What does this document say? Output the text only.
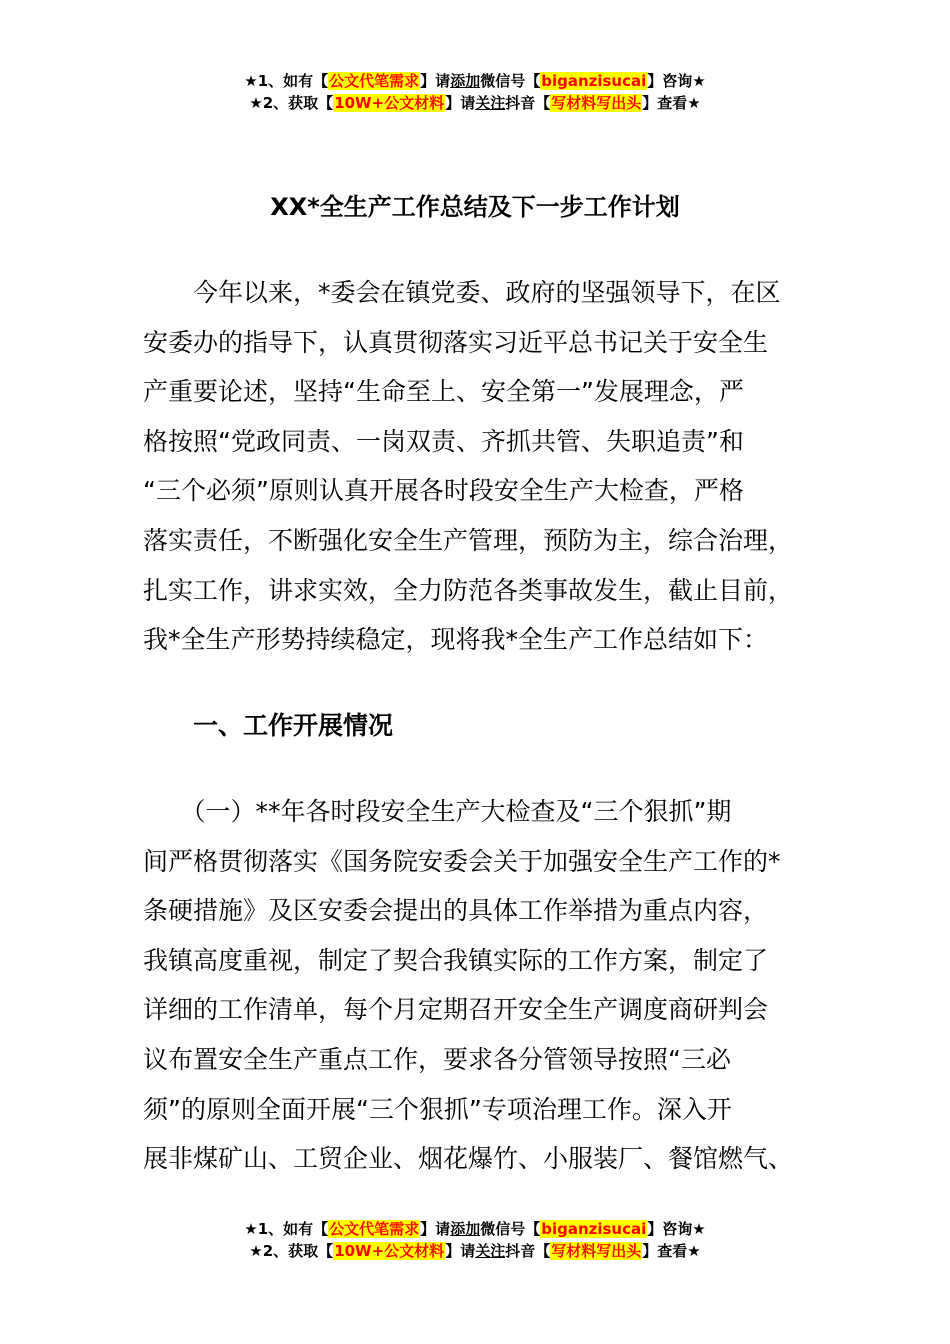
★1、如有【公文代笔需求】请添加微信号【biganzisucai】咨询★
★2、获取【10W+公文材料】请关注抖音【写材料写出头】查看★
XX*全生产工作总结及下一步工作计划
　　今年以来，*委会在镇党委、政府的坚强领导下，在区
安委办的指导下，认真贯彻落实习近平总书记关于安全生
产重要论述，坚持“生命至上、安全第一”发展理念，严
格按照“党政同责、一岗双责、齐抓共管、失职追责”和
“三个必须”原则认真开展各时段安全生产大检查，严格
落实责任，不断强化安全生产管理，预防为主，综合治理，
扎实工作，讲求实效，全力防范各类事故发生，截止目前，
我*全生产形势持续稳定，现将我*全生产工作总结如下：
一、工作开展情况
　　（一）**年各时段安全生产大检查及“三个狠抓”期
间严格贯彻落实《国务院安委会关于加强安全生产工作的*
条硬措施》及区安委会提出的具体工作举措为重点内容，
我镇高度重视，制定了契合我镇实际的工作方案，制定了
详细的工作清单，每个月定期召开安全生产调度商研判会
议布置安全生产重点工作，要求各分管领导按照“三必
须”的原则全面开展“三个狠抓”专项治理工作。深入开
展非煤矿山、工贸企业、烟花爆竹、小服装厂、餐馆燃气、
★1、如有【公文代笔需求】请添加微信号【biganzisucai】咨询★
★2、获取【10W+公文材料】请关注抖音【写材料写出头】查看★
